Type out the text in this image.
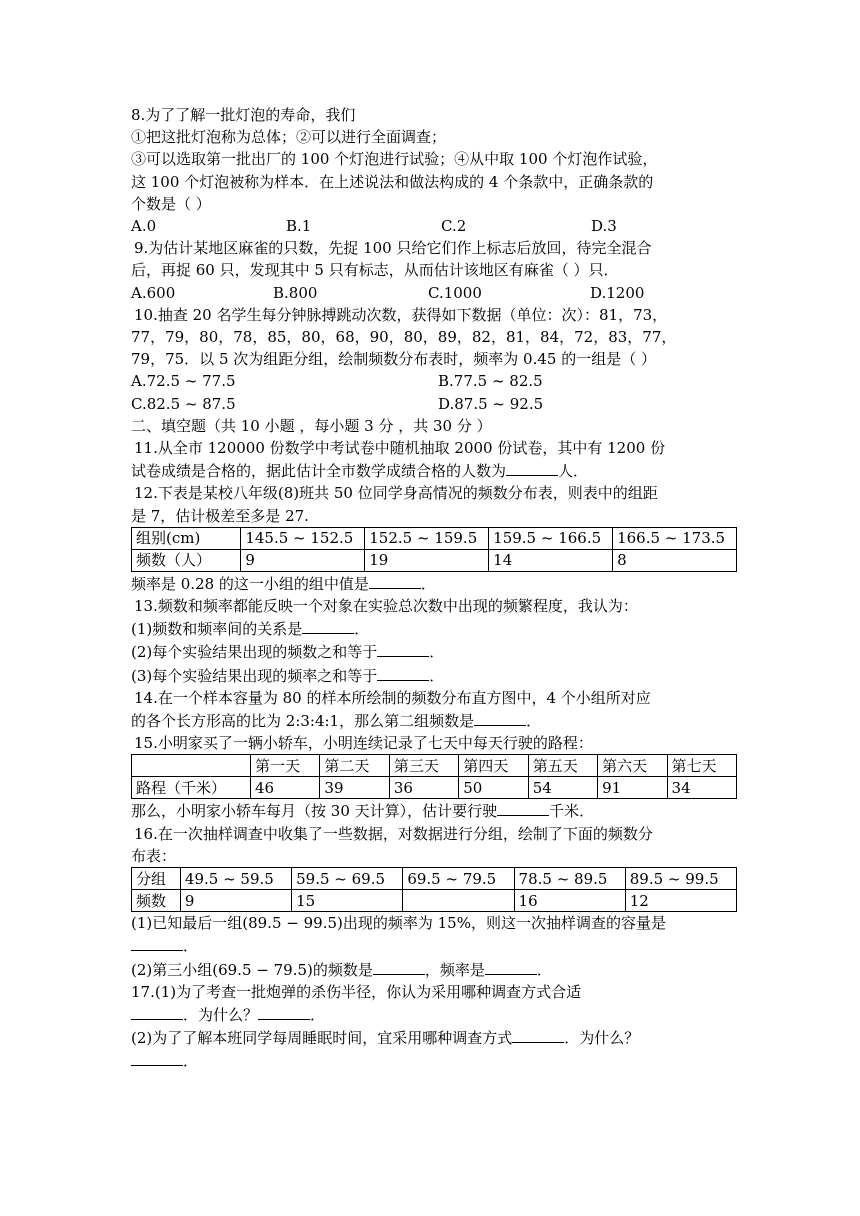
8.为了了解一批灯泡的寿命，我们

①把这批灯泡称为总体；②可以进行全面调查；

③可以选取第一批出厂的 100 个灯泡进行试验；④从中取 100 个灯泡作试验，

这 100 个灯泡被称为样本．在上述说法和做法构成的 4 个条款中，正确条款的

个数是（ ）

A.0	B.1	C.2	D.3

9.为估计某地区麻雀的只数，先捉 100 只给它们作上标志后放回，待完全混合

后，再捉 60 只，发现其中 5 只有标志，从而估计该地区有麻雀（ ）只．

A.600	B.800	C.1000	D.1200

10.抽查 20 名学生每分钟脉搏跳动次数，获得如下数据（单位：次）：81，73，

77，79，80，78，85，80，68，90，80，89，82，81，84，72，83，77，

79，75．以 5 次为组距分组，绘制频数分布表时，频率为 0.45 的一组是（ ）

A.72.5 ~ 77.5	B.77.5 ~ 82.5

C.82.5 ~ 87.5	D.87.5 ~ 92.5

二、填空题（共 10 小题 ，每小题 3 分 ，共 30 分 ）

11.从全市 120000 份数学中考试卷中随机抽取 2000 份试卷，其中有 1200 份

试卷成绩是合格的，据此估计全市数学成绩合格的人数为	人．

12.下表是某校八年级(8)班共 50 位同学身高情况的频数分布表，则表中的组距

是 7，估计极差至多是 27.

组别(cm)	145.5 ~ 152.5	152.5 ~ 159.5	159.5 ~ 166.5	166.5 ~ 173.5
频数（人）	9	19	14	8

频率是 0.28 的这一小组的组中值是	．

13.频数和频率都能反映一个对象在实验总次数中出现的频繁程度，我认为：

(1)频数和频率间的关系是	．

(2)每个实验结果出现的频数之和等于	．

(3)每个实验结果出现的频率之和等于	．

14.在一个样本容量为 80 的样本所绘制的频数分布直方图中，4 个小组所对应

的各个长方形高的比为 2:3:4:1，那么第二组频数是	．

15.小明家买了一辆小轿车，小明连续记录了七天中每天行驶的路程：

	第一天	第二天	第三天	第四天	第五天	第六天	第七天
路程（千米）	46	39	36	50	54	91	34

那么，小明家小轿车每月（按 30 天计算），估计要行驶	千米．

16.在一次抽样调查中收集了一些数据，对数据进行分组，绘制了下面的频数分

布表：

分组	49.5 ~ 59.5	59.5 ~ 69.5	69.5 ~ 79.5	78.5 ~ 89.5	89.5 ~ 99.5
频数	9	15		16	12

(1)已知最后一组(89.5 − 99.5)出现的频率为 15%，则这一次抽样调查的容量是

．

(2)第三小组(69.5 − 79.5)的频数是	，频率是	．

17.(1)为了考查一批炮弹的杀伤半径，你认为采用哪种调查方式合适

．为什么？	．

(2)为了了解本班同学每周睡眠时间，宜采用哪种调查方式	．为什么？

．
